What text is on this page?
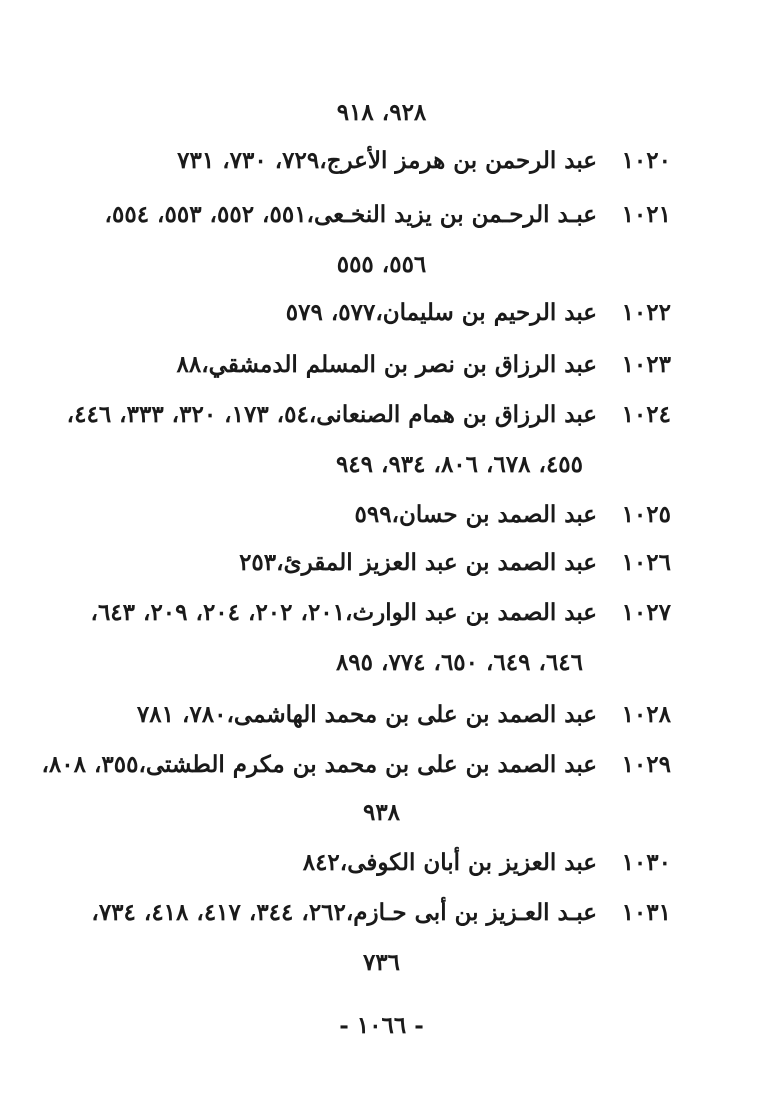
٩٢٨، ٩١٨
١٠٢٠عبد الرحمن بن هرمز الأعرج،٧٢٩، ٧٣٠، ٧٣١
١٠٢١عبـد الرحـمن بن يزيد النخـعى،٥٥١، ٥٥٢، ٥٥٣، ٥٥٤،
٥٥٦، ٥٥٥
١٠٢٢عبد الرحيم بن سليمان،٥٧٧، ٥٧٩
١٠٢٣عبد الرزاق بن نصر بن المسلم الدمشقي،٨٨
١٠٢٤عبد الرزاق بن همام الصنعانى،٥٤، ١٧٣، ٣٢٠، ٣٣٣، ٤٤٦،
٤٥٥، ٦٧٨، ٨٠٦، ٩٣٤، ٩٤٩
١٠٢٥عبد الصمد بن حسان،٥٩٩
١٠٢٦عبد الصمد بن عبد العزيز المقرئ،٢٥٣
١٠٢٧عبد الصمد بن عبد الوارث،٢٠١، ٢٠٢، ٢٠٤، ٢٠٩، ٦٤٣،
٦٤٦، ٦٤٩، ٦٥٠، ٧٧٤، ٨٩٥
١٠٢٨عبد الصمد بن على بن محمد الهاشمى،٧٨٠، ٧٨١
١٠٢٩عبد الصمد بن على بن محمد بن مكرم الطشتى،٣٥٥، ٨٠٨،
٩٣٨
١٠٣٠عبد العزيز بن أبان الكوفى،٨٤٢
١٠٣١عبـد العـزيز بن أبى حـازم،٢٦٢، ٣٤٤، ٤١٧، ٤١٨، ٧٣٤،
٧٣٦
- ١٠٦٦ -
